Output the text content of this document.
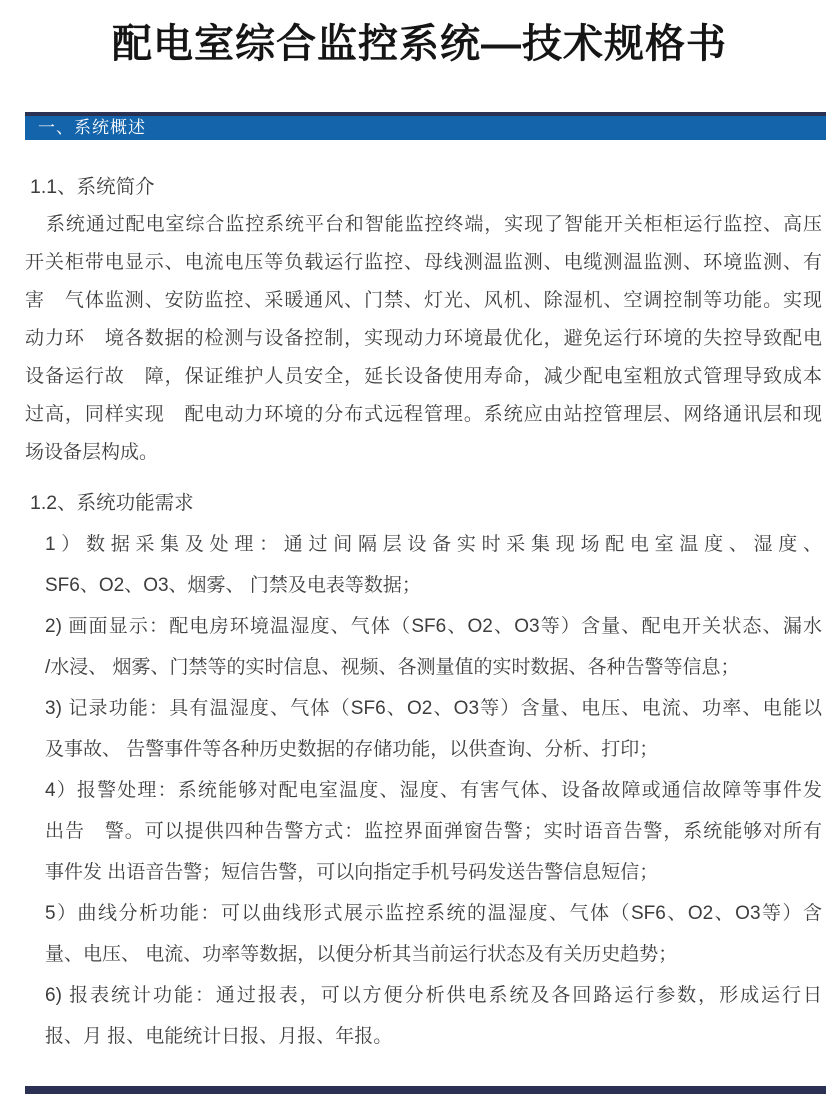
配电室综合监控系统—技术规格书
一、系统概述
1.1、系统简介
系统通过配电室综合监控系统平台和智能监控终端，实现了智能开关柜柜运行监控、高压
开关柜带电显示、电流电压等负载运行监控、母线测温监测、电缆测温监测、环境监测、有
害　气体监测、安防监控、采暖通风、门禁、灯光、风机、除湿机、空调控制等功能。实现
动力环　境各数据的检测与设备控制，实现动力环境最优化，避免运行环境的失控导致配电
设备运行故　障，保证维护人员安全，延长设备使用寿命，减少配电室粗放式管理导致成本
过高，同样实现　配电动力环境的分布式远程管理。系统应由站控管理层、网络通讯层和现
场设备层构成。
1.2、系统功能需求
1）数据采集及处理：通过间隔层设备实时采集现场配电室温度、湿度、
SF6、O2、O3、烟雾、 门禁及电表等数据；
2) 画面显示：配电房环境温湿度、气体（SF6、O2、O3等）含量、配电开关状态、漏水
/水浸、 烟雾、门禁等的实时信息、视频、各测量值的实时数据、各种告警等信息；
3) 记录功能：具有温湿度、气体（SF6、O2、O3等）含量、电压、电流、功率、电能以
及事故、 告警事件等各种历史数据的存储功能，以供查询、分析、打印；
4）报警处理：系统能够对配电室温度、湿度、有害气体、设备故障或通信故障等事件发
出告　警。可以提供四种告警方式：监控界面弹窗告警；实时语音告警，系统能够对所有
事件发 出语音告警；短信告警，可以向指定手机号码发送告警信息短信；
5）曲线分析功能：可以曲线形式展示监控系统的温湿度、气体（SF6、O2、O3等）含
量、电压、 电流、功率等数据，以便分析其当前运行状态及有关历史趋势；
6) 报表统计功能：通过报表，可以方便分析供电系统及各回路运行参数，形成运行日
报、月 报、电能统计日报、月报、年报。
